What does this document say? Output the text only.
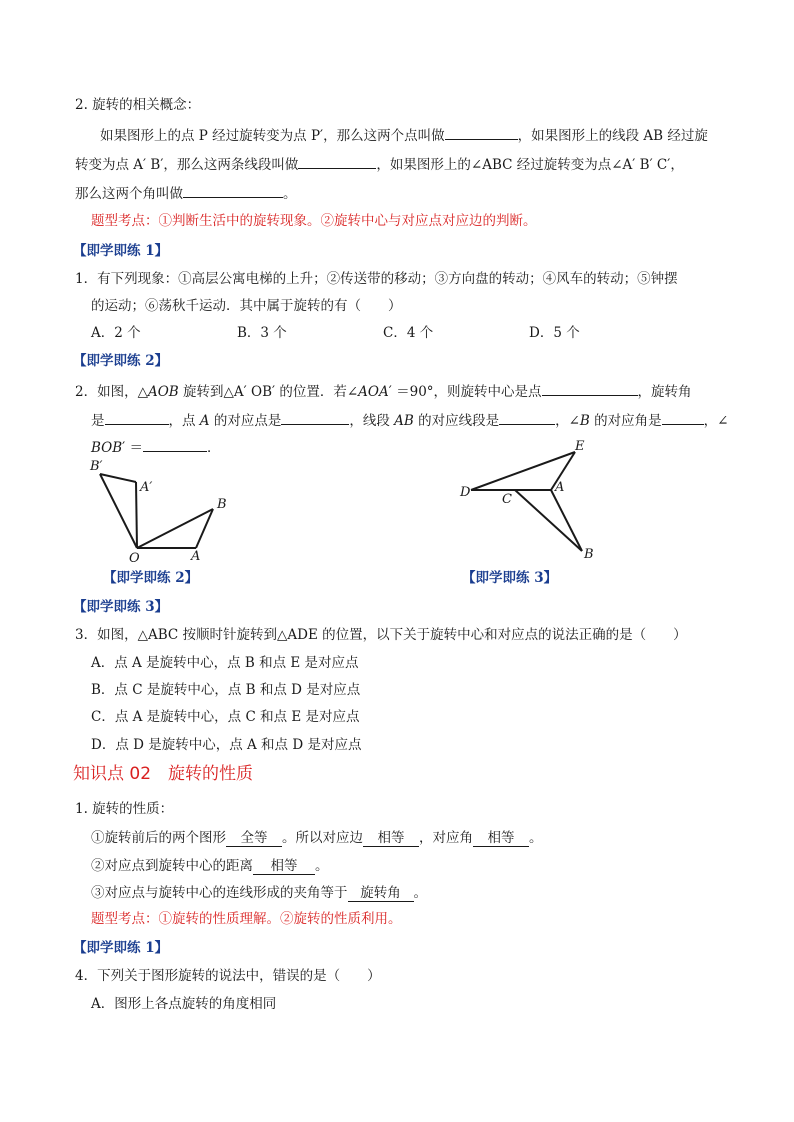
2. 旋转的相关概念：
如果图形上的点 P 经过旋转变为点 P′，那么这两个点叫做	，如果图形上的线段 AB 经过旋
转变为点 A′ B′，那么这两条线段叫做	，如果图形上的∠ABC 经过旋转变为点∠A′ B′ C′，
那么这两个角叫做	。
题型考点：①判断生活中的旋转现象。②旋转中心与对应点对应边的判断。
【即学即练 1】
1．有下列现象：①高层公寓电梯的上升；②传送带的移动；③方向盘的转动；④风车的转动；⑤钟摆
的运动；⑥荡秋千运动．其中属于旋转的有（　　）
A．2 个	B．3 个	C．4 个	D．5 个
【即学即练 2】
2．如图，△AOB 旋转到△A′ OB′ 的位置．若∠AOA′ ＝90°，则旋转中心是点	，旋转角
是	，点 A 的对应点是	，线段 AB 的对应线段是	，∠B 的对应角是	，∠
BOB′ ＝	．
B′
A′
B
O	A
【即学即练 2】
E
D C
A
B
【即学即练 3】
【即学即练 3】
3．如图，△ABC 按顺时针旋转到△ADE 的位置，以下关于旋转中心和对应点的说法正确的是（　　）
A．点 A 是旋转中心，点 B 和点 E 是对应点
B．点 C 是旋转中心，点 B 和点 D 是对应点
C．点 A 是旋转中心，点 C 和点 E 是对应点
D．点 D 是旋转中心，点 A 和点 D 是对应点
知识点 02　旋转的性质
1. 旋转的性质：
①旋转前后的两个图形 全等 。所以对应边 相等 ，对应角 相等 。
②对应点到旋转中心的距离 相等 。
③对应点与旋转中心的连线形成的夹角等于 旋转角 。
题型考点：①旋转的性质理解。②旋转的性质利用。
【即学即练 1】
4．下列关于图形旋转的说法中，错误的是（　　）
A．图形上各点旋转的角度相同
